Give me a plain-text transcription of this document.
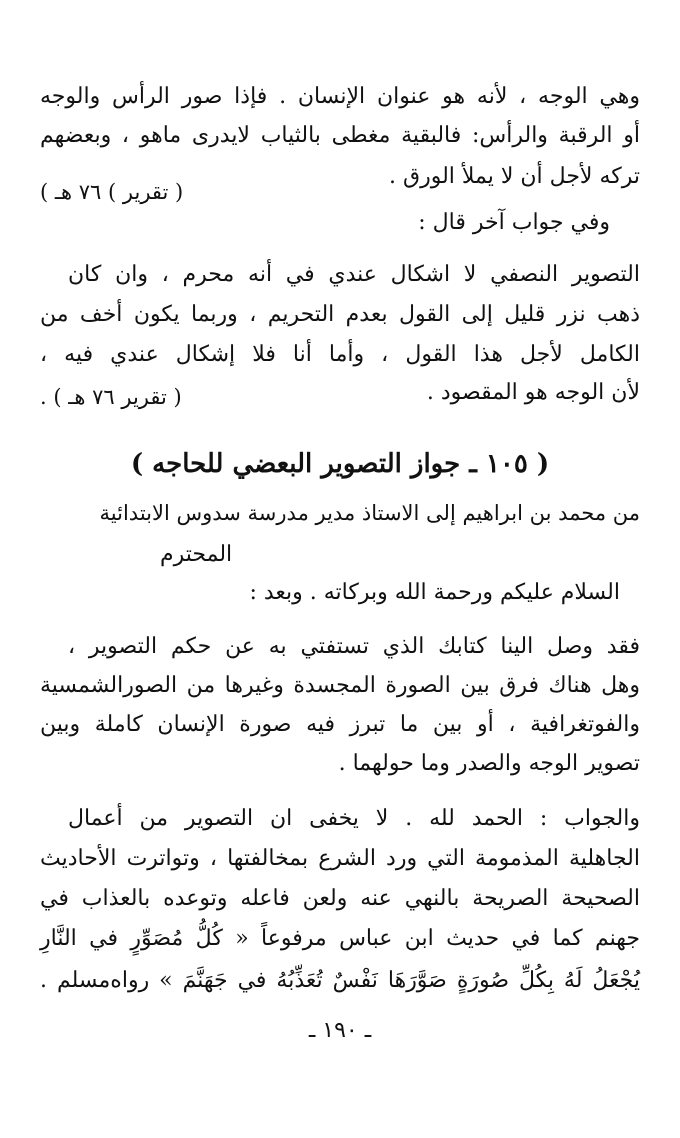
وهي الوجه ، لأنه هو عنوان الإنسان . فإذا صور الرأس والوجه
أو الرقبة والرأس: فالبقية مغطى بالثياب لايدرى ماهو ، وبعضهم
تركه لأجل أن لا يملأ الورق .
( تقرير ) ٧٦ هـ )
وفي جواب آخر قال :
التصوير النصفي لا اشكال عندي في أنه محرم ، وان كان
ذهب نزر قليل إلى القول بعدم التحريم ، وربما يكون أخف من
الكامل لأجل هذا القول ، وأما أنا فلا إشكال عندي فيه ،
لأن الوجه هو المقصود .
( تقرير ٧٦ هـ ) .
( ١٠٥ ـ جواز التصوير البعضي للحاجه )
من محمد بن ابراهيم إلى الاستاذ مدير مدرسة سدوس الابتدائية
المحترم
السلام عليكم ورحمة الله وبركاته . وبعد :
فقد وصل الينا كتابك الذي تستفتي به عن حكم التصوير ،
وهل هناك فرق بين الصورة المجسدة وغيرها من الصورالشمسية
والفوتغرافية ، أو بين ما تبرز فيه صورة الإنسان كاملة وبين
تصوير الوجه والصدر وما حولهما .
والجواب : الحمد لله . لا يخفى ان التصوير من أعمال
الجاهلية المذمومة التي ورد الشرع بمخالفتها ، وتواترت الأحاديث
الصحيحة الصريحة بالنهي عنه ولعن فاعله وتوعده بالعذاب في
جهنم كما في حديث ابن عباس مرفوعاً « كُلُّ مُصَوِّرٍ في النَّارِ
يُجْعَلُ لَهُ بِكُلِّ صُورَةٍ صَوَّرَهَا نَفْسٌ تُعَذِّبُهُ في جَهَنَّمَ » رواه‌مسلم .
ـ ١٩٠ ـ
